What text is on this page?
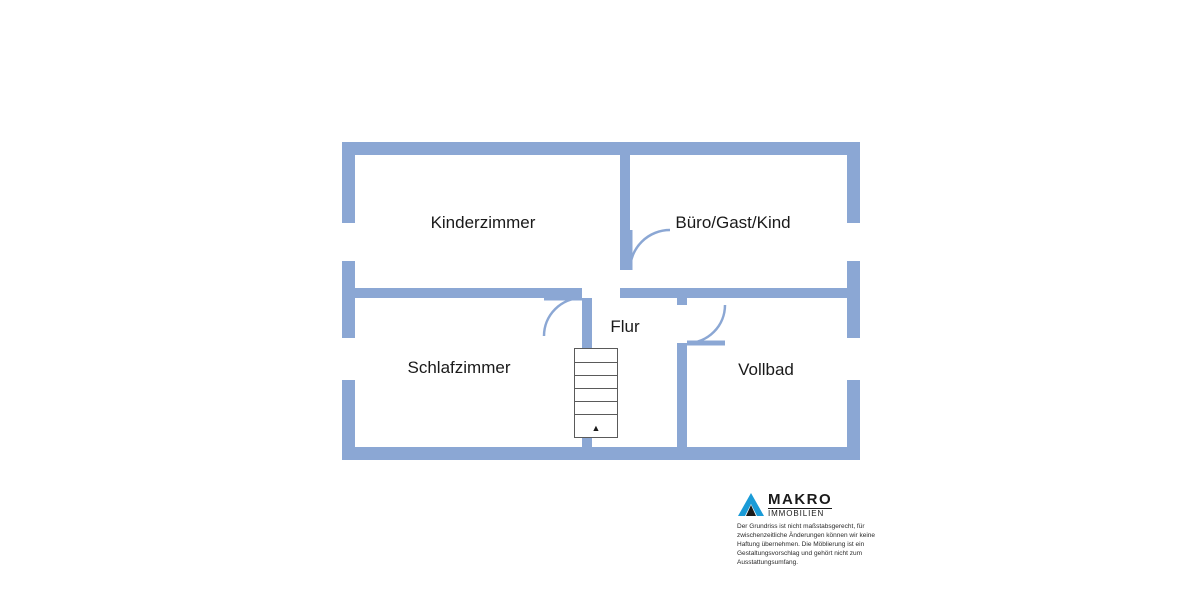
▲
Kinderzimmer	Büro/Gast/Kind
Schlafzimmer
Flur
Vollbad
MAKRO
IMMOBILIEN
Der Grundriss ist nicht maßstabsgerecht, für zwischenzeitliche Änderungen können wir keine Haftung übernehmen. Die Möblierung ist ein Gestaltungsvorschlag und gehört nicht zum Ausstattungsumfang.
